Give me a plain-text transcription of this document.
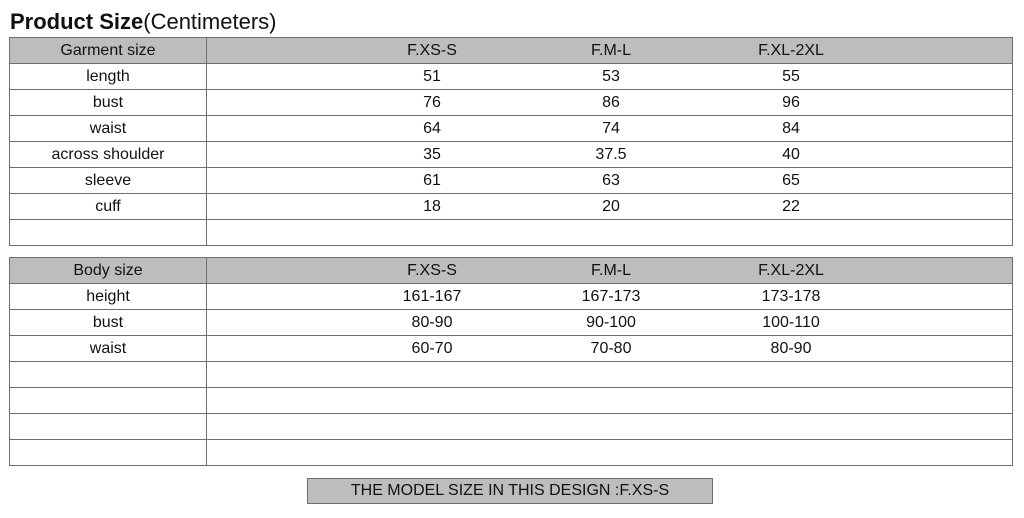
Product Size(Centimeters)
Garment size	F.XS-S F.M-L F.XL-2XL

length	51 53 55

bust	76 86 96

waist	64 74 84

across shoulder	35 37.5 40

sleeve	61 63 65

cuff	18 20 22

Body size	F.XS-S F.M-L F.XL-2XL

height	161-167 167-173 173-178

bust	80-90 90-100 100-110

waist	60-70 70-80 80-90

THE MODEL SIZE IN THIS DESIGN :F.XS-S
